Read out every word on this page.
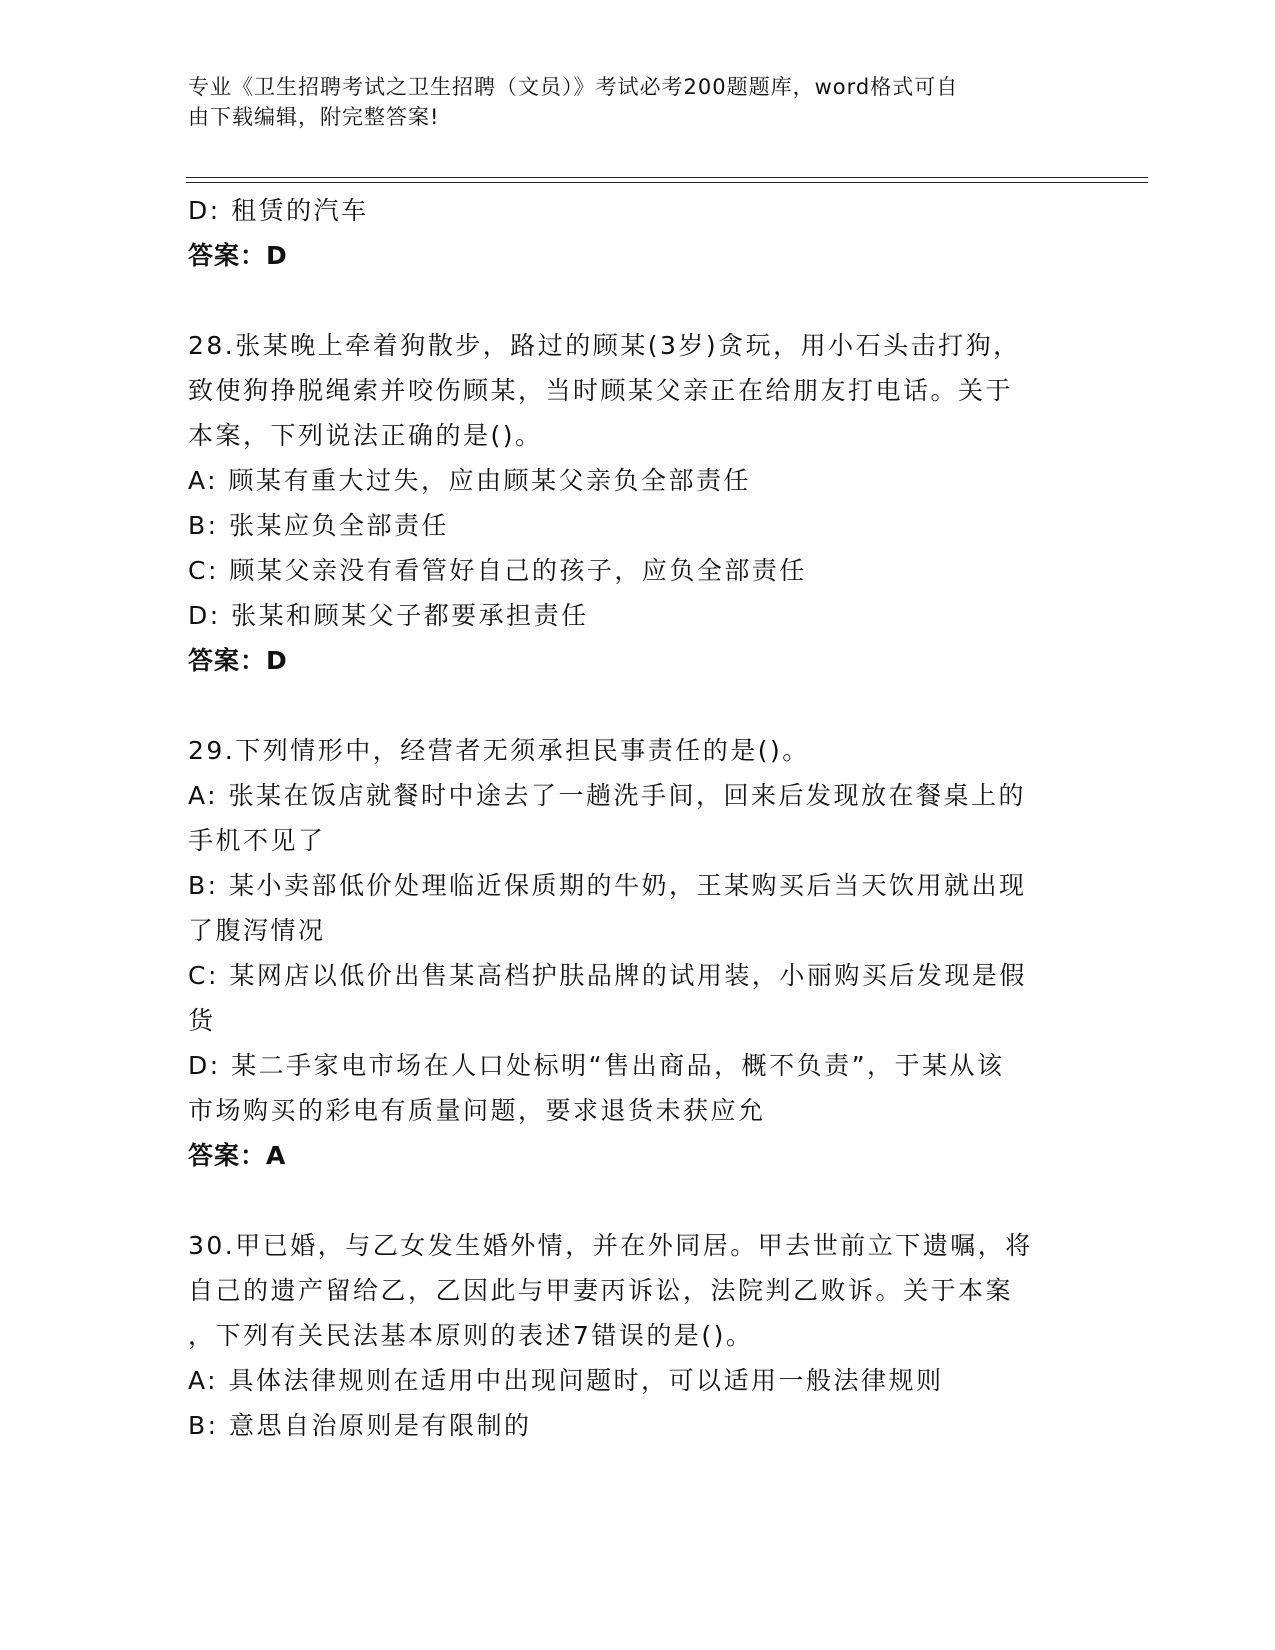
专业《卫生招聘考试之卫生招聘（文员）》考试必考200题题库，word格式可自
由下载编辑，附完整答案!
D: 租赁的汽车
答案：D
28.张某晚上牵着狗散步，路过的顾某(3岁)贪玩，用小石头击打狗，
致使狗挣脱绳索并咬伤顾某，当时顾某父亲正在给朋友打电话。关于
本案，下列说法正确的是()。
A: 顾某有重大过失，应由顾某父亲负全部责任
B: 张某应负全部责任
C: 顾某父亲没有看管好自己的孩子，应负全部责任
D: 张某和顾某父子都要承担责任
答案：D
29.下列情形中，经营者无须承担民事责任的是()。
A: 张某在饭店就餐时中途去了一趟洗手间，回来后发现放在餐桌上的
手机不见了
B: 某小卖部低价处理临近保质期的牛奶，王某购买后当天饮用就出现
了腹泻情况
C: 某网店以低价出售某高档护肤品牌的试用装，小丽购买后发现是假
货
D: 某二手家电市场在人口处标明“售出商品，概不负责”，于某从该
市场购买的彩电有质量问题，要求退货未获应允
答案：A
30.甲已婚，与乙女发生婚外情，并在外同居。甲去世前立下遗嘱，将
自己的遗产留给乙，乙因此与甲妻丙诉讼，法院判乙败诉。关于本案
，下列有关民法基本原则的表述7错误的是()。
A: 具体法律规则在适用中出现问题时，可以适用一般法律规则
B: 意思自治原则是有限制的
